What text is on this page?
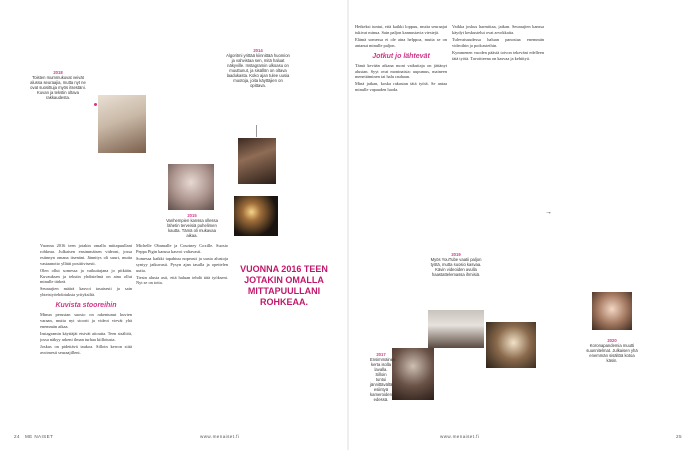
2018
Toisten mummukuvat veivät alussa seuraajia, mutta nyt ne ovat suosittuja myös itsestäni. Kuvan ja tekstin oltava rakkaudesta.
2014
Algoritmi yrittää kiinnittää huomion ja vahvistaa sen, mitä haluat näkyville. Instagramin ulkoasu on muuttunut, ja sisällön on oltava laadukasta. Koko ajan tulee uusia muotoja, joita käyttäjien on opittava.
2015
Vanhempien kanssa ollessa lähetin terveisiä puhelimen kautta. Tämä oli mukavaa aikaa.

Vuonna 2016 teen jotakin omalla mittapuullani rohkeaa. Julkaisen ensimmäisen videoni, jossa esiinnyn omana itsenäni. Jännitys oli suuri, mutta vastaanotto yllätti positiivisesti.

Olen ollut somessa ja vaikuttajana jo pitkään. Kuvauksen ja tekstin yhdistelmä on aina ollut minulle tärkeä.

Seuraajien määrä kasvoi tasaisesti ja sain yhteistyöehdotuksia yrityksiltä.

Kuvista stooreihin

Minun perustan suosio on rakentunut kuvien varaan, mutta nyt stoorit ja videot vievät yhä enemmän aikaa.

Instagramin käyttäjät etsivät aitoutta. Teen sisältöä, jossa näkyy arkeni ilman turhaa kiillotusta.

Joskus on pidettävä taukoa. Silloin kerron siitä avoimesti seuraajilleni.

Michelle Obamalle ja Courtney Coxille. Suosio Peppa Pigin kanssa kasvoi valtavasti.

Somessa kaikki tapahtuu nopeasti ja uusia alustoja syntyy jatkuvasti. Pysyn ajan tasalla ja opettelen uutta.

Tiesin alusta asti, että haluan tehdä tätä työkseni. Nyt se on totta.

VUONNA 2016 TEEN JOTAKIN OMALLA MITTAPUULLANI ROHKEAA.

Hetkeksi tuntui, että kaikki loppuu, mutta seuraajat tukivat minua. Sain paljon kannustavia viestejä.

Elämä somessa ei ole aina helppoa, mutta se on antanut minulle paljon.

Jotkut jo lähtevät

Tämä kevään aikana moni vaikuttaja on jättänyt alustan. Syyt ovat moninaisia: uupumus, maineen menettäminen tai halu rauhaan.

Minä jatkan, koska rakastan tätä työtä. Se antaa minulle vapauden luoda.

Vaikka joskus harmittaa, jatkan. Seuraajien kanssa käydyt keskustelut ovat arvokkaita.

Tulevaisuudessa haluan panostaa enemmän videoihin ja podcasteihin.

Kymmenen vuoden päästä toivon tekeväni edelleen tätä työtä. Tavoitteena on kasvaa ja kehittyä.

→
2019
Myös YouTube vaatii paljon työtä, mutta suosio kasvaa. Kävin videoiden avulla haastattelemassa ihmisiä.
2017
Ensimmäinen kerta isolla lavalla. Silloin tuntui jännittävältä esiintyä kameroiden edessä.
2020
Koronapandemia muutti suunnitelmat. Julkaisen yhä enemmän sisältöä kotoa käsin.
24 ME NAISET	www.menaiset.fi	www.menaiset.fi	25
